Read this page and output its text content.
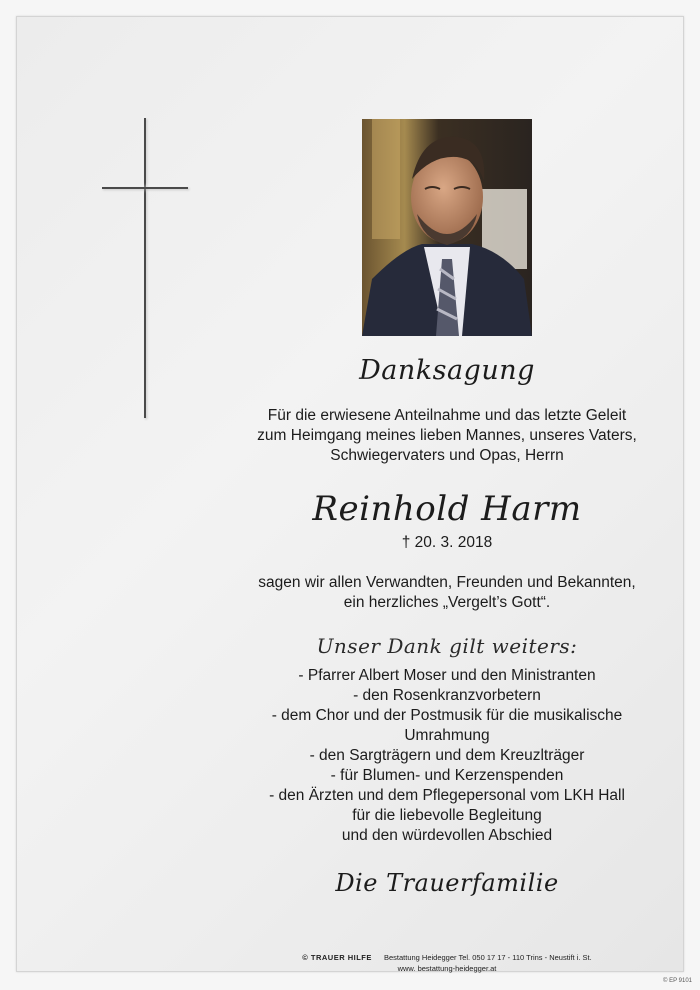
Danksagung
Für die erwiesene Anteilnahme und das letzte Geleit
zum Heimgang meines lieben Mannes, unseres Vaters,
Schwiegervaters und Opas, Herrn
Reinhold Harm
† 20. 3. 2018
sagen wir allen Verwandten, Freunden und Bekannten,
ein herzliches „Vergelt’s Gott“.
Unser Dank gilt weiters:
- Pfarrer Albert Moser und den Ministranten
- den Rosenkranzvorbetern
- dem Chor und der Postmusik für die musikalische
Umrahmung
- den Sargträgern und dem Kreuzlträger
- für Blumen- und Kerzenspenden
- den Ärzten und dem Pflegepersonal vom LKH Hall
für die liebevolle Begleitung
und den würdevollen Abschied
Die Trauerfamilie
© TRAUER HILFE Bestattung Heidegger Tel. 050 17 17 - 110 Trins - Neustift i. St.
www. bestattung-heidegger.at
© EP 9101
